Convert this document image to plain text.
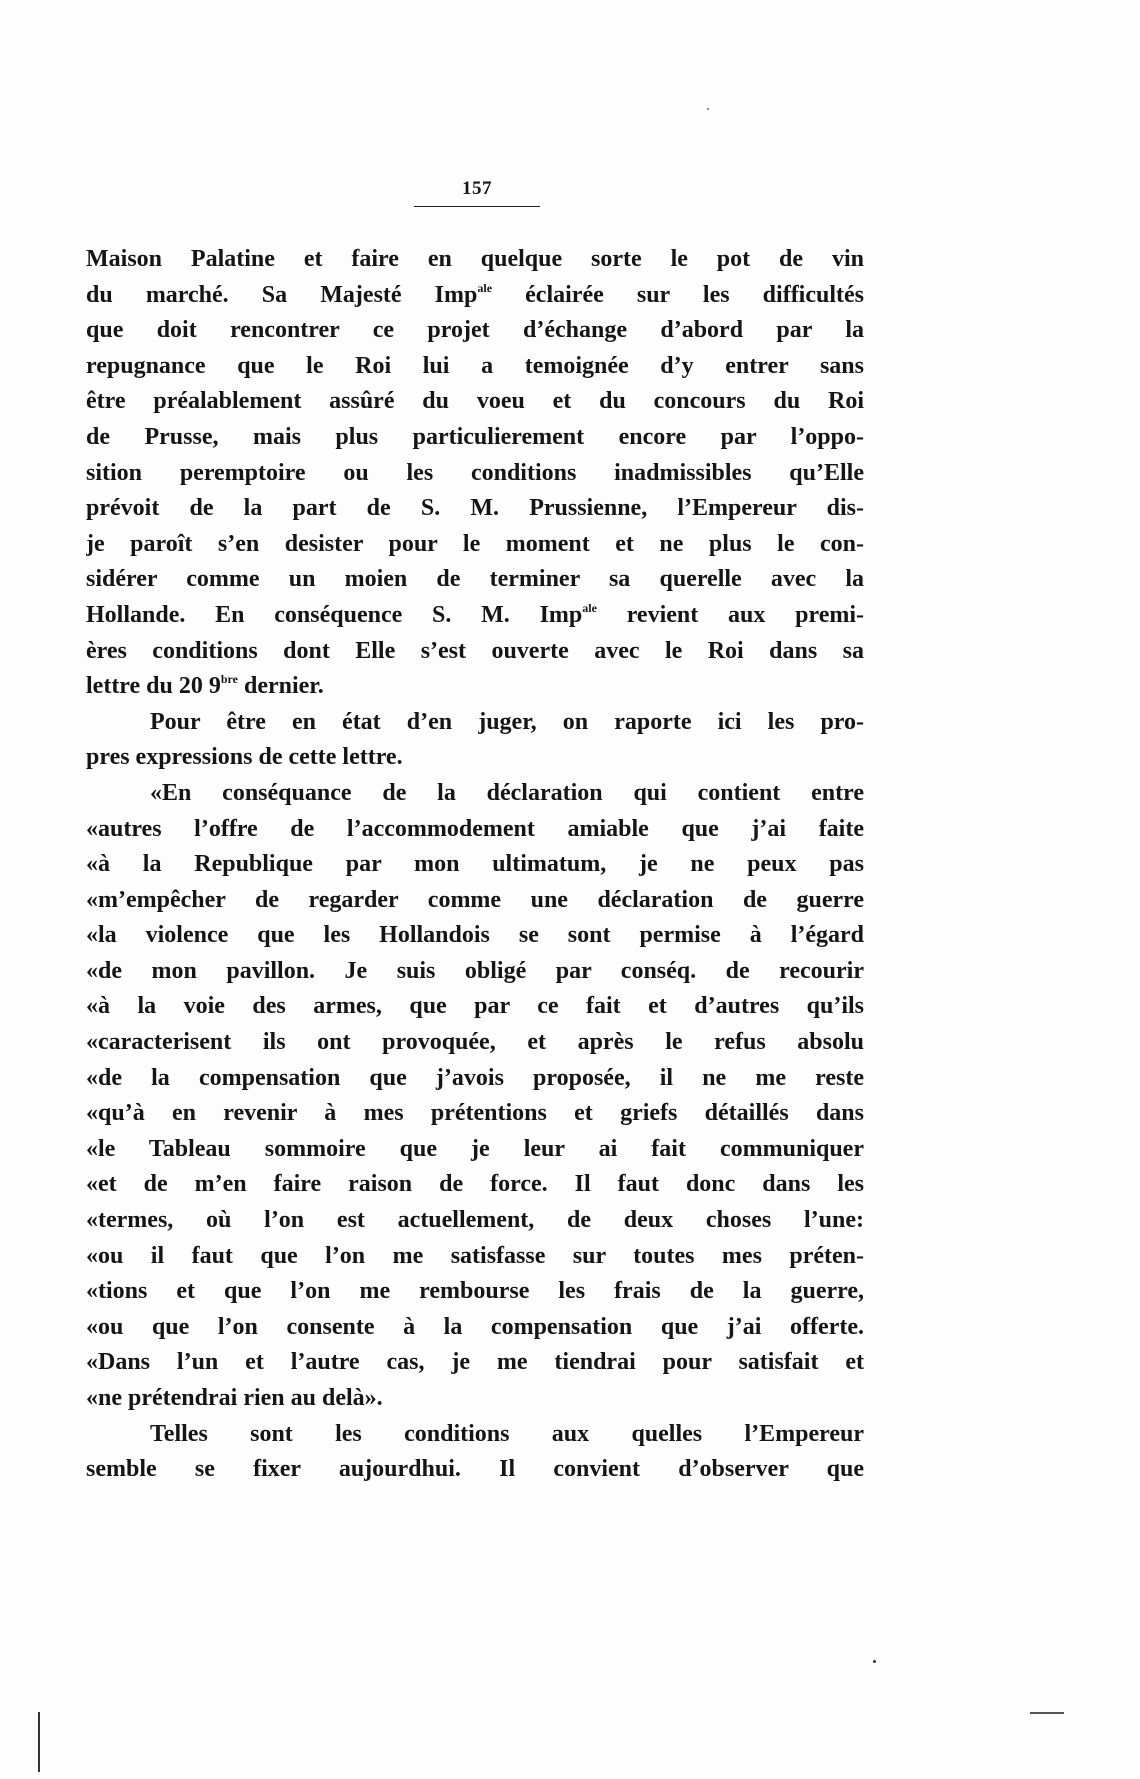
157
Maison Palatine et faire en quelque sorte le pot de vin
du marché. Sa Majesté Imp$^{ale}$ éclairée sur les difficultés
que doit rencontrer ce projet d’échange d’abord par la
repugnance que le Roi lui a temoignée d’y entrer sans
être préalablement assûré du voeu et du concours du Roi
de Prusse, mais plus particulierement encore par l’oppo-
sition peremptoire ou les conditions inadmissibles qu’Elle
prévoit de la part de S. M. Prussienne, l’Empereur dis-
je paroît s’en desister pour le moment et ne plus le con-
sidérer comme un moien de terminer sa querelle avec la
Hollande. En conséquence S. M. Imp$^{ale}$ revient aux premi-
ères conditions dont Elle s’est ouverte avec le Roi dans sa
lettre du 20 $9^{bre}$ dernier.
Pour être en état d’en juger, on raporte ici les pro-
pres expressions de cette lettre.
«En conséquance de la déclaration qui contient entre
«autres l’offre de l’accommodement amiable que j’ai faite
«à la Republique par mon ultimatum, je ne peux pas
«m’empêcher de regarder comme une déclaration de guerre
«la violence que les Hollandois se sont permise à l’égard
«de mon pavillon. Je suis obligé par conséq. de recourir
«à la voie des armes, que par ce fait et d’autres qu’ils
«caracterisent ils ont provoquée, et après le refus absolu
«de la compensation que j’avois proposée, il ne me reste
«qu’à en revenir à mes prétentions et griefs détaillés dans
«le Tableau sommoire que je leur ai fait communiquer
«et de m’en faire raison de force. Il faut donc dans les
«termes, où l’on est actuellement, de deux choses l’une:
«ou il faut que l’on me satisfasse sur toutes mes préten-
«tions et que l’on me rembourse les frais de la guerre,
«ou que l’on consente à la compensation que j’ai offerte.
«Dans l’un et l’autre cas, je me tiendrai pour satisfait et
«ne prétendrai rien au delà».
Telles sont les conditions aux quelles l’Empereur
semble se fixer aujourdhui. Il convient d’observer que
